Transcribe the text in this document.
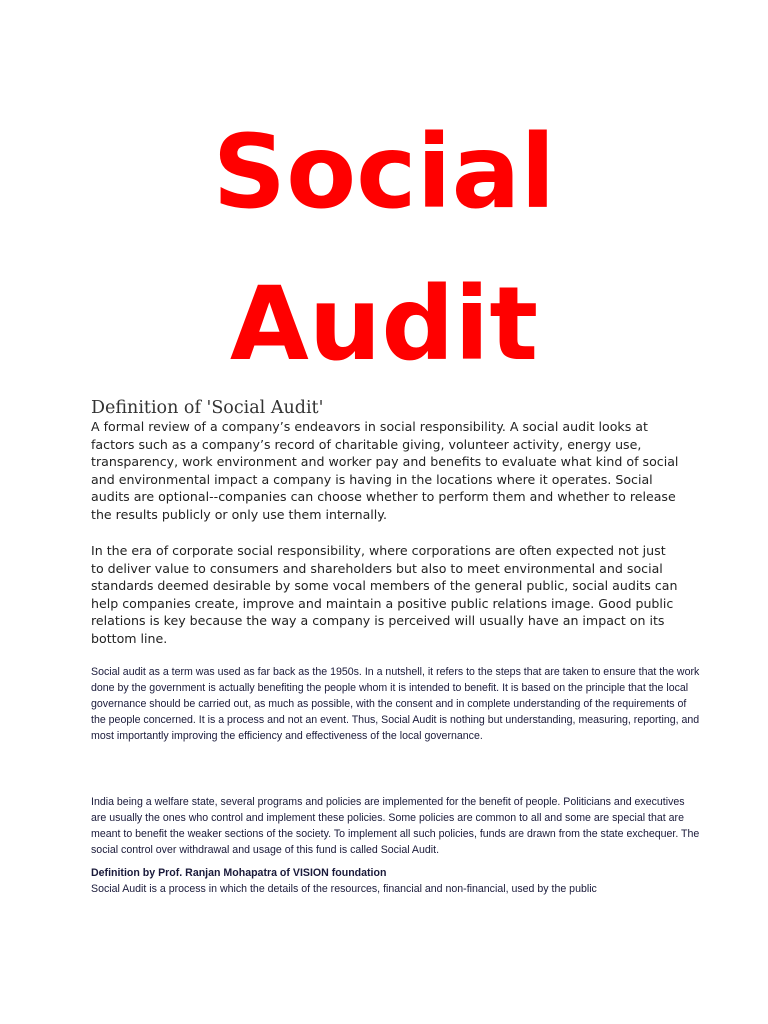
Social
Audit
Definition of 'Social Audit'

A formal review of a company’s endeavors in social responsibility. A social audit looks at factors such as a company’s record of charitable giving, volunteer activity, energy use, transparency, work environment and worker pay and benefits to evaluate what kind of social and environmental impact a company is having in the locations where it operates. Social audits are optional--companies can choose whether to perform them and whether to release the results publicly or only use them internally.

In the era of corporate social responsibility, where corporations are often expected not just to deliver value to consumers and shareholders but also to meet environmental and social standards deemed desirable by some vocal members of the general public, social audits can help companies create, improve and maintain a positive public relations image. Good public relations is key because the way a company is perceived will usually have an impact on its bottom line.

Social audit as a term was used as far back as the 1950s. In a nutshell, it refers to the steps that are taken to ensure that the work done by the government is actually benefiting the people whom it is intended to benefit. It is based on the principle that the local governance should be carried out, as much as possible, with the consent and in complete understanding of the requirements of the people concerned. It is a process and not an event. Thus, Social Audit is nothing but understanding, measuring, reporting, and most importantly improving the efficiency and effectiveness of the local governance.

India being a welfare state, several programs and policies are implemented for the benefit of people. Politicians and executives are usually the ones who control and implement these policies. Some policies are common to all and some are special that are meant to benefit the weaker sections of the society. To implement all such policies, funds are drawn from the state exchequer. The social control over withdrawal and usage of this fund is called Social Audit.

Definition by Prof. Ranjan Mohapatra of VISION foundation

Social Audit is a process in which the details of the resources, financial and non-financial, used by the public
